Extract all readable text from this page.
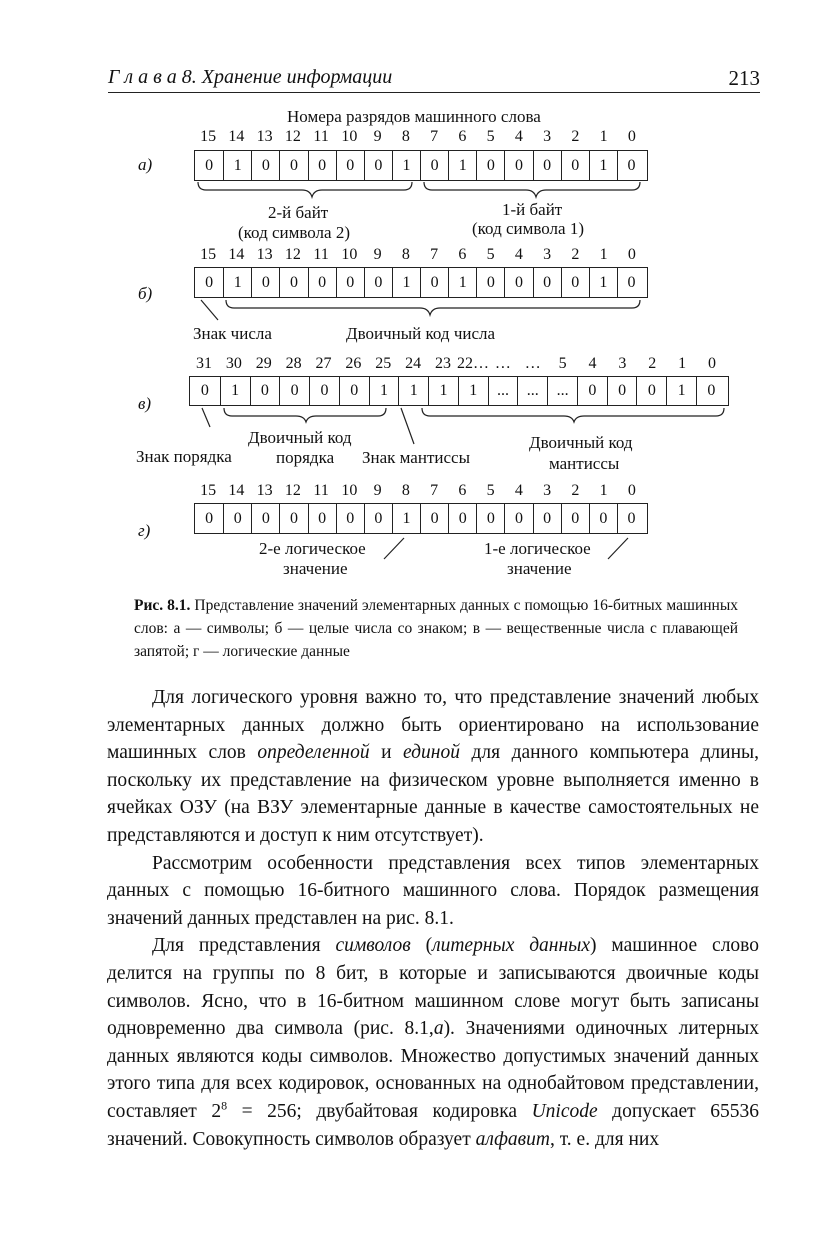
Г л а в а 8. Хранение информации	213
Номера разрядов машинного слова
15 14 13 12 11 10 9 8 7 6 5 4 3 2 1 0
а)	0	1	0	0	0	0	0	1	0	1	0	0	0	0	1	0
2-й байт
(код символа 2)
1-й байт
(код символа 1)
15 14 13 12 11 10 9 8 7 6 5 4 3 2 1 0
б)
0	1	0	0	0	0	0	1	0	1	0	0	0	0	1	0
Знак числа	Двоичный код числа
31 30 29 28 27 26 25 24 23 22… … … 5 4 3 2 1 0
в)
0	1	0	0	0	0	1	1	1	1	...	...	...	0	0	0	1	0
Знак порядка
Двоичный код
порядка Знак мантиссы
Двоичный код
мантиссы
15 14 13 12 11 10 9 8 7 6 5 4 3 2 1 0
г)
0	0	0	0	0	0	0	1	0	0	0	0	0	0	0	0
2-е логическое
значение
1-е логическое
значение
Рис. 8.1. Представление значений элементарных данных с помощью 16-битных машинных слов: а — символы; б — целые числа со знаком; в — вещественные числа с плавающей запятой; г — логические данные

Для логического уровня важно то, что представление значений любых элементарных данных должно быть ориентировано на использование машинных слов определенной и единой для данного компьютера длины, поскольку их представление на физическом уровне выполняется именно в ячейках ОЗУ (на ВЗУ элементарные данные в качестве самостоятельных не представляются и доступ к ним отсутствует).

Рассмотрим особенности представления всех типов элементарных данных с помощью 16-битного машинного слова. Порядок размещения значений данных представлен на рис. 8.1.

Для представления символов (литерных данных) машинное слово делится на группы по 8 бит, в которые и записываются двоичные коды символов. Ясно, что в 16-битном машинном слове могут быть записаны одновременно два символа (рис. 8.1,а). Значениями одиночных литерных данных являются коды символов. Множество допустимых значений данных этого типа для всех кодировок, основанных на однобайтовом представлении, составляет $2^8 = 256$; двубайтовая кодировка Unicode допускает 65536 значений. Совокупность символов образует алфавит, т. е. для них
